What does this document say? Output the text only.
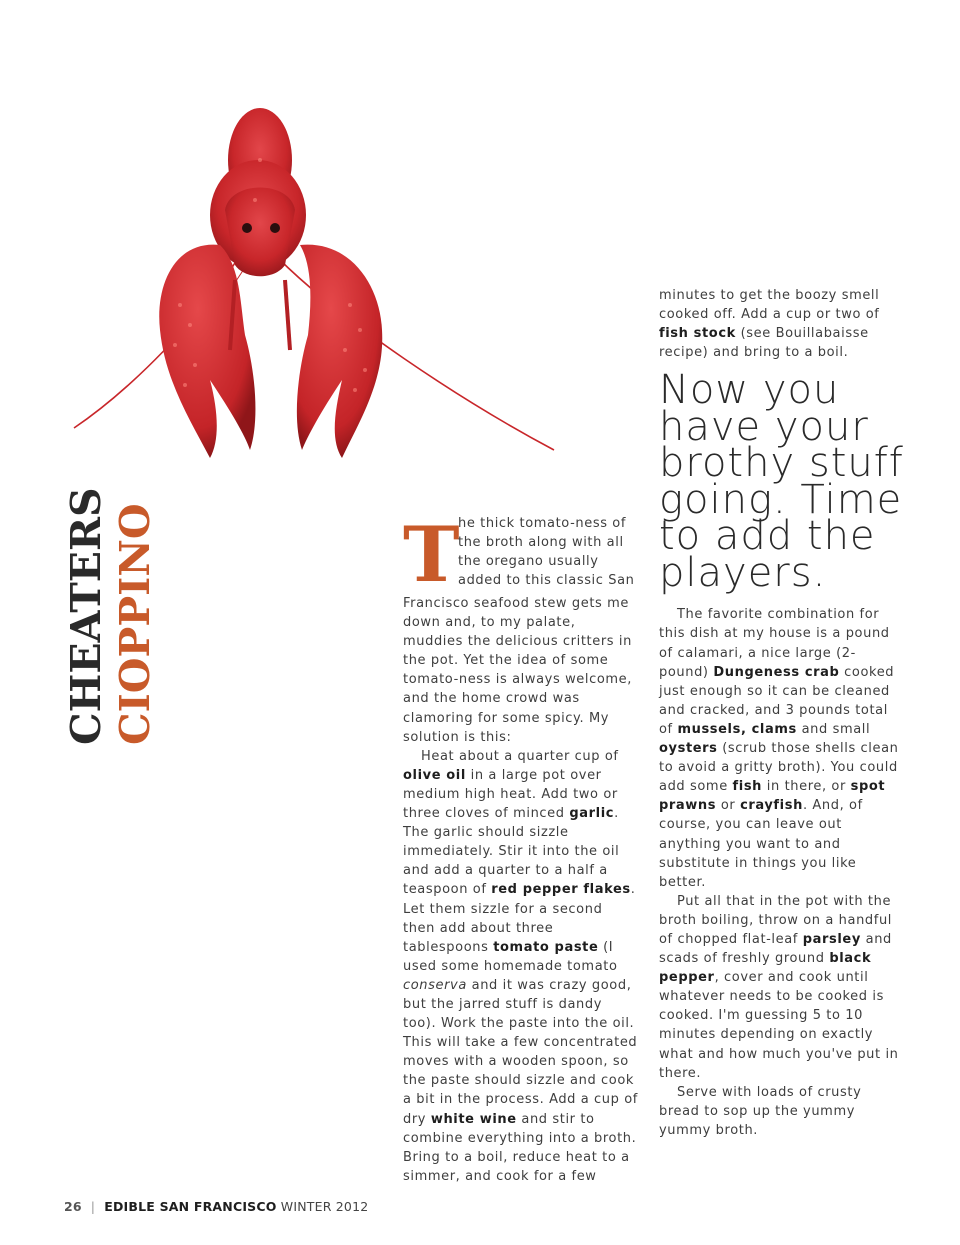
CHEATERS CIOPPINO	T
he thick tomato-ness of the broth along with all the oregano usually added to this classic San

Francisco seafood stew gets me down and, to my palate, muddies the delicious critters in the pot. Yet the idea of some tomato-ness is always welcome, and the home crowd was clamoring for some spicy. My solution is this:

Heat about a quarter cup of olive oil in a large pot over medium high heat. Add two or three cloves of minced garlic. The garlic should sizzle immediately. Stir it into the oil and add a quarter to a half a teaspoon of red pepper flakes. Let them sizzle for a second then add about three tablespoons tomato paste (I used some homemade tomato conserva and it was crazy good, but the jarred stuff is dandy too). Work the paste into the oil. This will take a few concentrated moves with a wooden spoon, so the paste should sizzle and cook a bit in the process. Add a cup of dry white wine and stir to combine everything into a broth. Bring to a boil, reduce heat to a simmer, and cook for a few

minutes to get the boozy smell cooked off. Add a cup or two of fish stock (see Bouillabaisse recipe) and bring to a boil.

Now you have your brothy stuff going. Time to add the players.

The favorite combination for this dish at my house is a pound of calamari, a nice large (2-pound) Dungeness crab cooked just enough so it can be cleaned and cracked, and 3 pounds total of mussels, clams and small oysters (scrub those shells clean to avoid a gritty broth). You could add some fish in there, or spot prawns or crayfish. And, of course, you can leave out anything you want to and substitute in things you like better.

Put all that in the pot with the broth boiling, throw on a handful of chopped flat-leaf parsley and scads of freshly ground black pepper, cover and cook until whatever needs to be cooked is cooked. I'm guessing 5 to 10 minutes depending on exactly what and how much you've put in there.

Serve with loads of crusty bread to sop up the yummy yummy broth.

26 | EDIBLE SAN FRANCISCO WINTER 2012
